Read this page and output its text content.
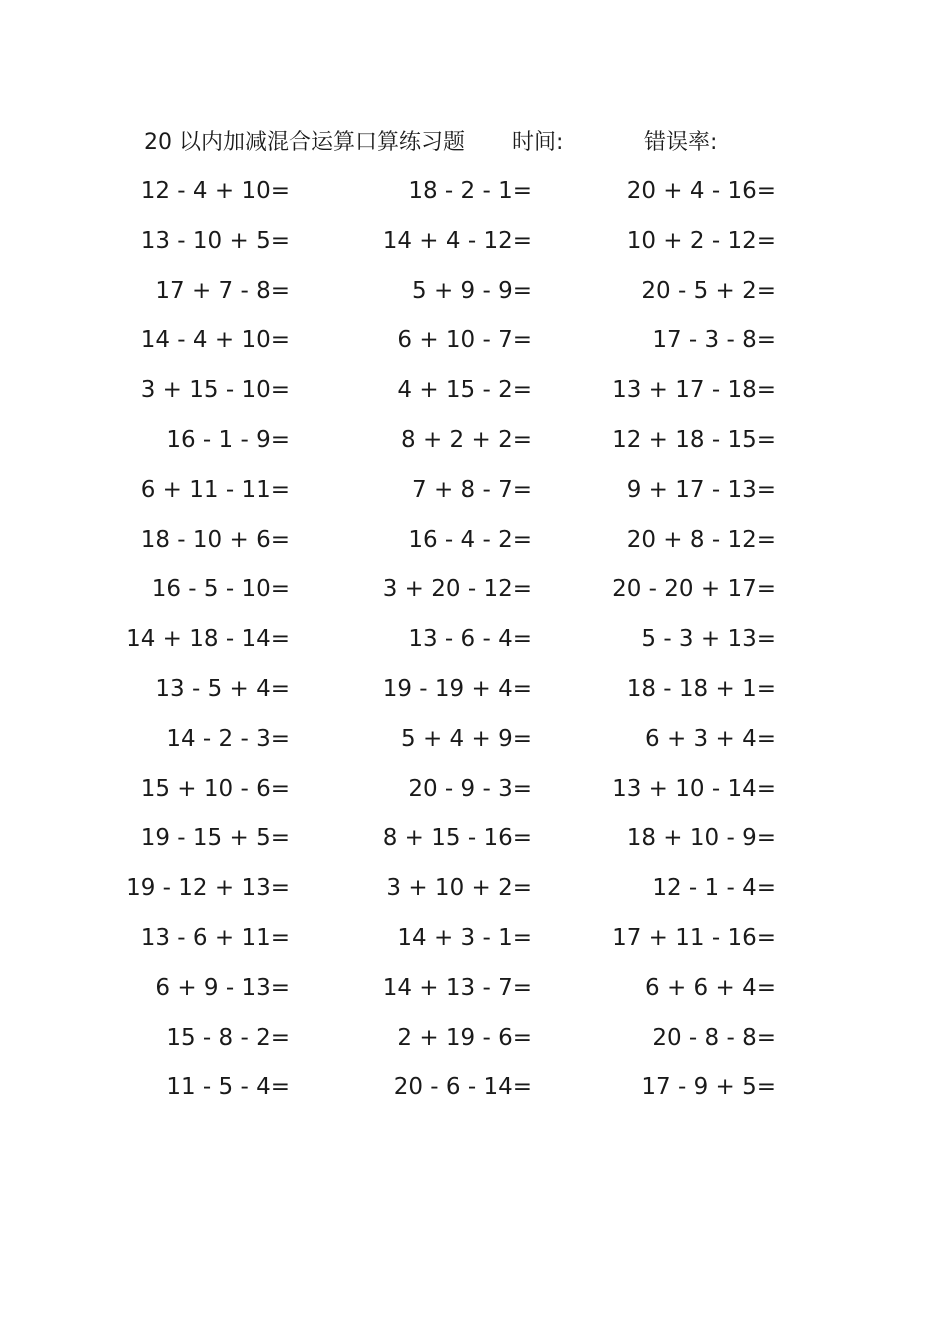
20 以内加减混合运算口算练习题 时间:	错误率:
12 - 4 + 10=	18 - 2 - 1=	20 + 4 - 16=
13 - 10 + 5=	14 + 4 - 12=	10 + 2 - 12=
17 + 7 - 8=	5 + 9 - 9=	20 - 5 + 2=
14 - 4 + 10=	6 + 10 - 7=	17 - 3 - 8=
3 + 15 - 10=	4 + 15 - 2=	13 + 17 - 18=
16 - 1 - 9=	8 + 2 + 2=	12 + 18 - 15=
6 + 11 - 11=	7 + 8 - 7=	9 + 17 - 13=
18 - 10 + 6=	16 - 4 - 2=	20 + 8 - 12=
16 - 5 - 10=	3 + 20 - 12=	20 - 20 + 17=
14 + 18 - 14=	13 - 6 - 4=	5 - 3 + 13=
13 - 5 + 4=	19 - 19 + 4=	18 - 18 + 1=
14 - 2 - 3=	5 + 4 + 9=	6 + 3 + 4=
15 + 10 - 6=	20 - 9 - 3=	13 + 10 - 14=
19 - 15 + 5=	8 + 15 - 16=	18 + 10 - 9=
19 - 12 + 13=	3 + 10 + 2=	12 - 1 - 4=
13 - 6 + 11=	14 + 3 - 1=	17 + 11 - 16=
6 + 9 - 13=	14 + 13 - 7=	6 + 6 + 4=
15 - 8 - 2=	2 + 19 - 6=	20 - 8 - 8=
11 - 5 - 4=	20 - 6 - 14=	17 - 9 + 5=
